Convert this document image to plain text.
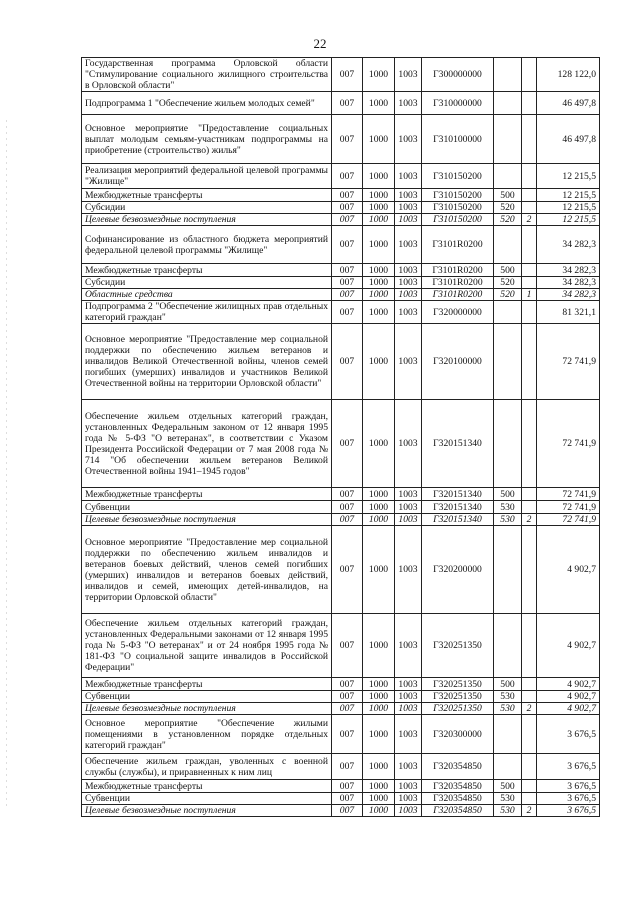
22
Государственная программа Орловской области "Стимулирование социального жилищного строительства в Орловской области"	007	1000	1003	Г300000000			128 122,0
Подпрограмма 1 "Обеспечение жильем молодых семей"	007	1000	1003	Г310000000			46 497,8
Основное мероприятие "Предоставление социальных выплат молодым семьям-участникам подпрограммы на приобретение (строительство) жилья"	007	1000	1003	Г310100000			46 497,8
Реализация мероприятий федеральной целевой программы "Жилище"	007	1000	1003	Г310150200			12 215,5
Межбюджетные трансферты	007	1000	1003	Г310150200	500		12 215,5
Субсидии	007	1000	1003	Г310150200	520		12 215,5
Целевые безвозмездные поступления	007	1000	1003	Г310150200	520	2	12 215,5
Софинансирование из областного бюджета мероприятий федеральной целевой программы "Жилище"	007	1000	1003	Г3101R0200			34 282,3
Межбюджетные трансферты	007	1000	1003	Г3101R0200	500		34 282,3
Субсидии	007	1000	1003	Г3101R0200	520		34 282,3
Областные средства	007	1000	1003	Г3101R0200	520	1	34 282,3
Подпрограмма 2 "Обеспечение жилищных прав отдельных категорий граждан"	007	1000	1003	Г320000000			81 321,1
Основное мероприятие "Предоставление мер социальной поддержки по обеспечению жильем ветеранов и инвалидов Великой Отечественной войны, членов семей погибших (умерших) инвалидов и участников Великой Отечественной войны на территории Орловской области"	007	1000	1003	Г320100000			72 741,9
Обеспечение жильем отдельных категорий граждан, установленных Федеральным законом от 12 января 1995 года № 5-ФЗ "О ветеранах", в соответствии с Указом Президента Российской Федерации от 7 мая 2008 года № 714 "Об обеспечении жильем ветеранов Великой Отечественной войны 1941–1945 годов"	007	1000	1003	Г320151340			72 741,9
Межбюджетные трансферты	007	1000	1003	Г320151340	500		72 741,9
Субвенции	007	1000	1003	Г320151340	530		72 741,9
Целевые безвозмездные поступления	007	1000	1003	Г320151340	530	2	72 741,9
Основное мероприятие "Предоставление мер социальной поддержки по обеспечению жильем инвалидов и ветеранов боевых действий, членов семей погибших (умерших) инвалидов и ветеранов боевых действий, инвалидов и семей, имеющих детей-инвалидов, на территории Орловской области"	007	1000	1003	Г320200000			4 902,7
Обеспечение жильем отдельных категорий граждан, установленных Федеральными законами от 12 января 1995 года № 5-ФЗ "О ветеранах" и от 24 ноября 1995 года № 181-ФЗ "О социальной защите инвалидов в Российской Федерации"	007	1000	1003	Г320251350			4 902,7
Межбюджетные трансферты	007	1000	1003	Г320251350	500		4 902,7
Субвенции	007	1000	1003	Г320251350	530		4 902,7
Целевые безвозмездные поступления	007	1000	1003	Г320251350	530	2	4 902,7
Основное мероприятие "Обеспечение жилыми помещениями в установленном порядке отдельных категорий граждан"	007	1000	1003	Г320300000			3 676,5
Обеспечение жильем граждан, уволенных с военной службы (службы), и приравненных к ним лиц	007	1000	1003	Г320354850			3 676,5
Межбюджетные трансферты	007	1000	1003	Г320354850	500		3 676,5
Субвенции	007	1000	1003	Г320354850	530		3 676,5
Целевые безвозмездные поступления	007	1000	1003	Г320354850	530	2	3 676,5
